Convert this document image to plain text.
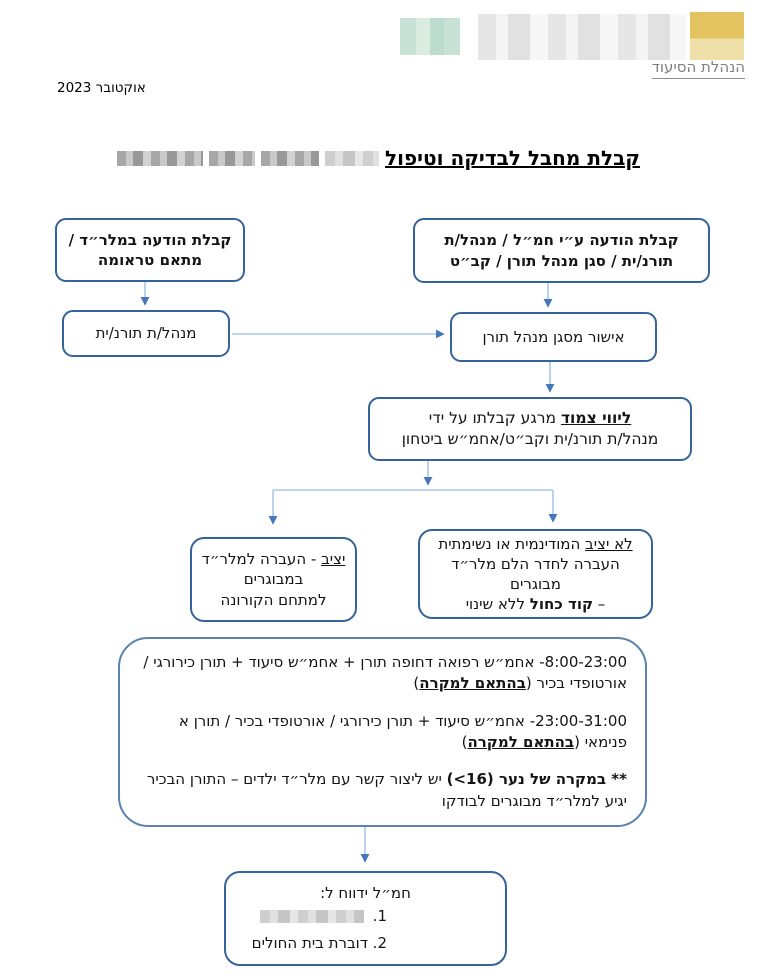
הנהלת הסיעוד
אוקטובר 2023
קבלת מחבל לבדיקה וטיפול
קבלת הודעה במלר״ד / מתאם טראומה
קבלת הודעה ע״י חמ״ל / מנהל/ת תורנ/ית / סגן מנהל תורן / קב״ט
מנהל/ת תורנ/ית	אישור מסגן מנהל תורן
ליווי צמוד מרגע קבלתו על ידי
מנהל/ת תורנ/ית וקב״ט/אחמ״ש ביטחון
יציב - העברה למלר״ד
במבוגרים
למתחם הקורונה
לא יציב המודינמית או נשימתית
העברה לחדר הלם מלר״ד מבוגרים
– קוד כחול ללא שינוי

8:00-23:00- אחמ״ש רפואה דחופה תורן + אחמ״ש סיעוד + תורן כירורגי / אורטופדי בכיר (בהתאם למקרה)

23:00-31:00- אחמ״ש סיעוד + תורן כירורגי / אורטופדי בכיר / תורן א פנימאי (בהתאם למקרה)

** במקרה של נער (<16) יש ליצור קשר עם מלר״ד ילדים – התורן הבכיר יגיע למלר״ד מבוגרים לבודקו

חמ״ל ידווח ל:
1.
2. דוברת בית החולים
